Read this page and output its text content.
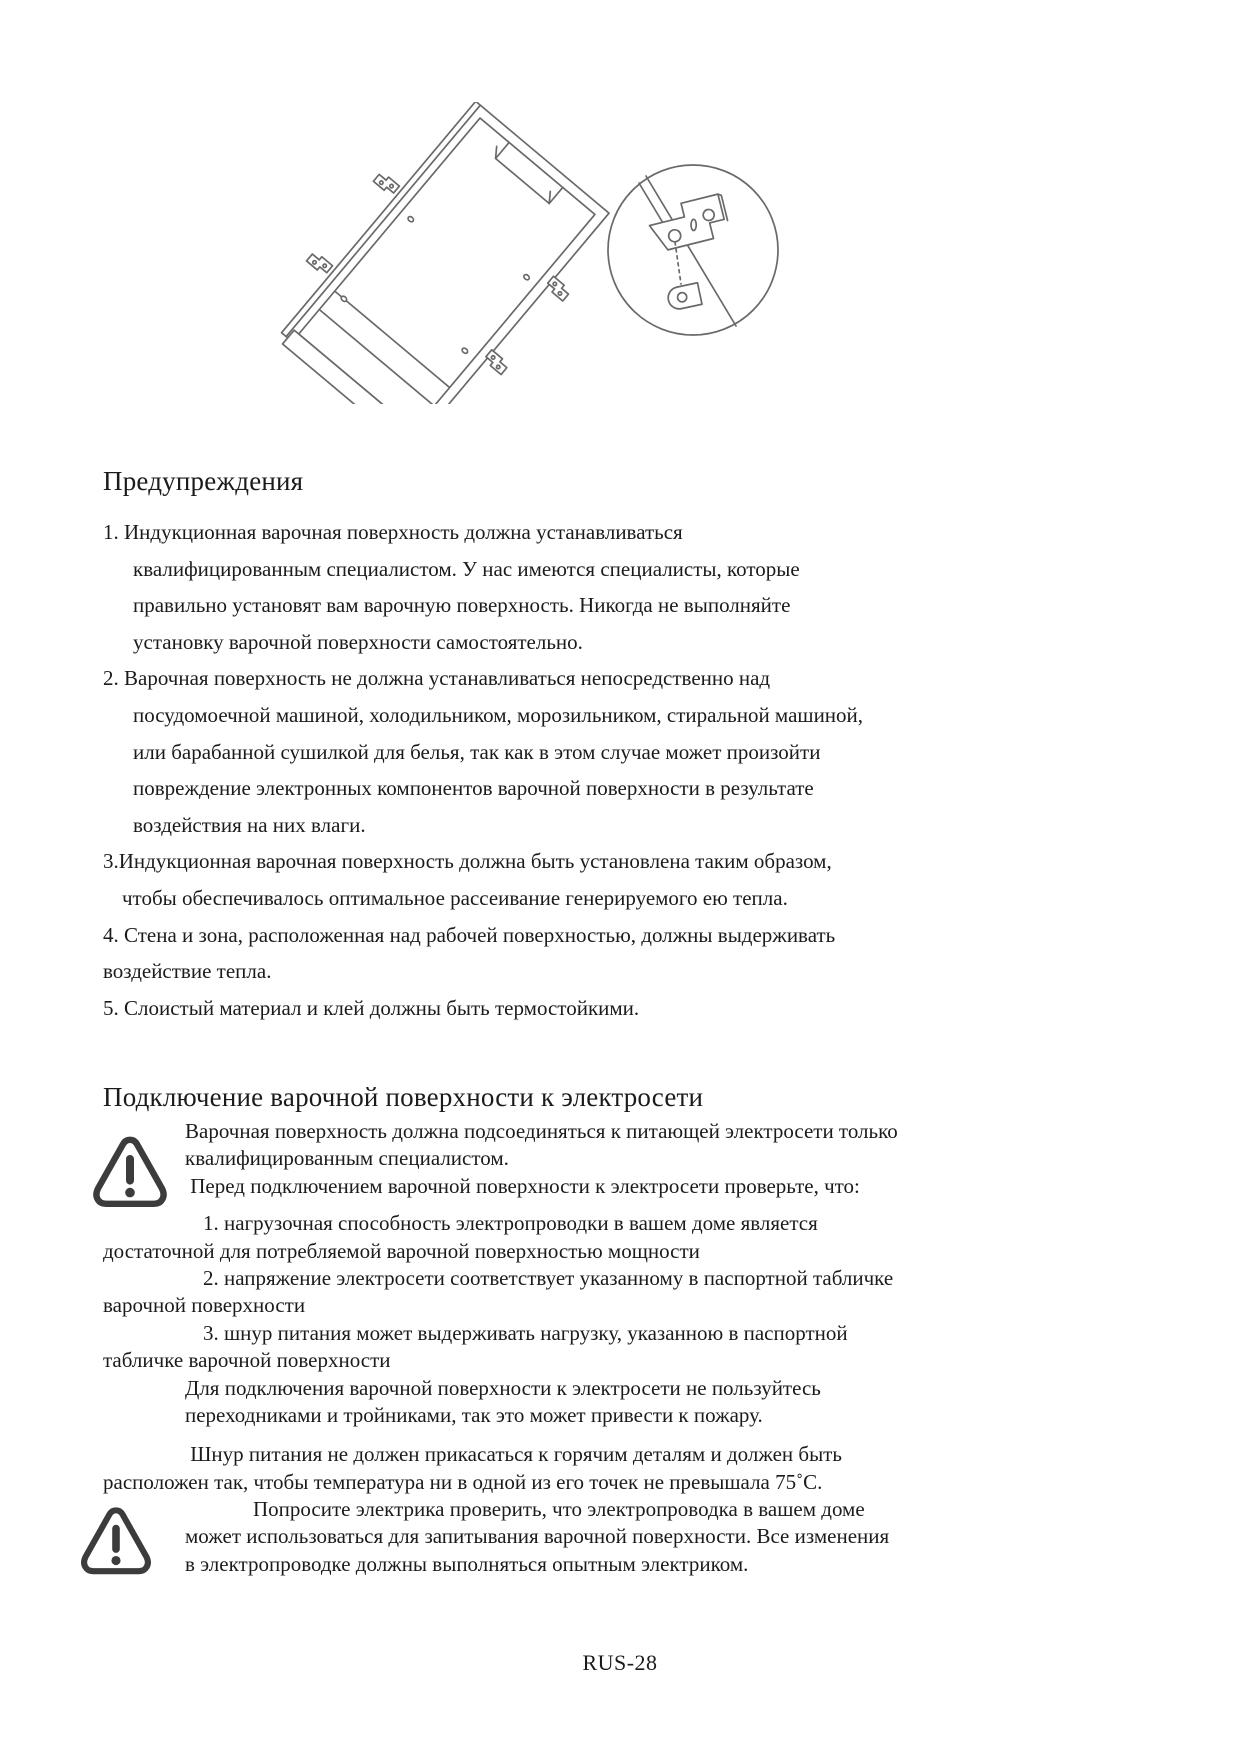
Предупреждения
1. Индукционная варочная поверхность должна устанавливаться
квалифицированным специалистом. У нас имеются специалисты, которые
правильно установят вам варочную поверхность. Никогда не выполняйте
установку варочной поверхности самостоятельно.
2. Варочная поверхность не должна устанавливаться непосредственно над
посудомоечной машиной, холодильником, морозильником, стиральной машиной,
или барабанной сушилкой для белья, так как в этом случае может произойти
повреждение электронных компонентов варочной поверхности в результате
воздействия на них влаги.
3.Индукционная варочная поверхность должна быть установлена таким образом,
чтобы обеспечивалось оптимальное рассеивание генерируемого ею тепла.
4. Стена и зона, расположенная над рабочей поверхностью, должны выдерживать
воздействие тепла.
5. Слоистый материал и клей должны быть термостойкими.
Подключение варочной поверхности к электросети
Варочная поверхность должна подсоединяться к питающей электросети только
квалифицированным специалистом.
Перед подключением варочной поверхности к электросети проверьте, что:
1. нагрузочная способность электропроводки в вашем доме является
достаточной для потребляемой варочной поверхностью мощности
2. напряжение электросети соответствует указанному в паспортной табличке
варочной поверхности
3. шнур питания может выдерживать нагрузку, указанною в паспортной
табличке варочной поверхности
Для подключения варочной поверхности к электросети не пользуйтесь
переходниками и тройниками, так это может привести к пожару.
Шнур питания не должен прикасаться к горячим деталям и должен быть
расположен так, чтобы температура ни в одной из его точек не превышала 75˚С.
Попросите электрика проверить, что электропроводка в вашем доме
может использоваться для запитывания варочной поверхности. Все изменения
в электропроводке должны выполняться опытным электриком.
RUS-28
